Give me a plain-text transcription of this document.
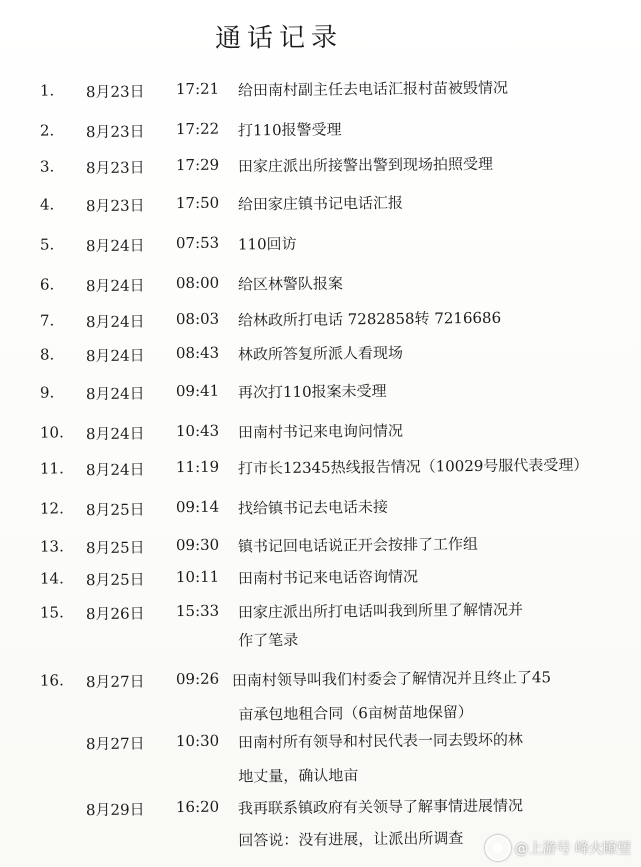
通话记录
1. 8月23日 17:21 给田南村副主任去电话汇报村苗被毁情况
2. 8月23日 17:22 打110报警受理
3. 8月23日 17:29 田家庄派出所接警出警到现场拍照受理
4. 8月23日 17:50 给田家庄镇书记电话汇报
5. 8月24日 07:53 110回访
6. 8月24日 08:00 给区林警队报案
7. 8月24日 08:03 给林政所打电话 7282858转 7216686
8. 8月24日 08:43 林政所答复所派人看现场
9. 8月24日 09:41 再次打110报案未受理
10. 8月24日 10:43 田南村书记来电询问情况
11. 8月24日 11:19 打市长12345热线报告情况（10029号服代表受理）
12. 8月25日 09:14 找给镇书记去电话未接
13. 8月25日 09:30 镇书记回电话说正开会按排了工作组
14. 8月25日 10:11 田南村书记来电话咨询情况
15. 8月26日 15:33 田家庄派出所打电话叫我到所里了解情况并
作了笔录
16. 8月27日 09:26 田南村领导叫我们村委会了解情况并且终止了45
亩承包地租合同（6亩树苗地保留）
8月27日 10:30 田南村所有领导和村民代表一同去毁坏的林
地丈量，确认地亩
8月29日 16:20 我再联系镇政府有关领导了解事情进展情况
回答说：没有进展，让派出所调查	@上游号 峰火瞭望
